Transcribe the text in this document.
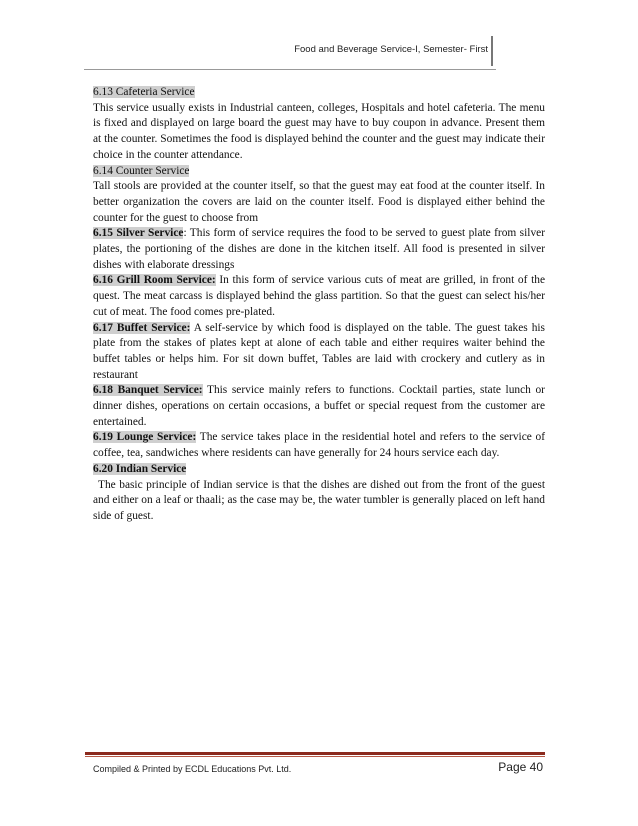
Food and Beverage Service-I, Semester- First

6.13 Cafeteria Service
This service usually exists in Industrial canteen, colleges, Hospitals and hotel cafeteria. The menu is fixed and displayed on large board the guest may have to buy coupon in advance. Present them at the counter. Sometimes the food is displayed behind the counter and the guest may indicate their choice in the counter attendance.

6.14 Counter Service
Tall stools are provided at the counter itself, so that the guest may eat food at the counter itself. In better organization the covers are laid on the counter itself. Food is displayed either behind the counter for the guest to choose from

6.15 Silver Service: This form of service requires the food to be served to guest plate from silver plates, the portioning of the dishes are done in the kitchen itself. All food is presented in silver dishes with elaborate dressings

6.16 Grill Room Service: In this form of service various cuts of meat are grilled, in front of the quest. The meat carcass is displayed behind the glass partition. So that the guest can select his/her cut of meat. The food comes pre-plated.

6.17 Buffet Service: A self-service by which food is displayed on the table. The guest takes his plate from the stakes of plates kept at alone of each table and either requires waiter behind the buffet tables or helps him. For sit down buffet, Tables are laid with crockery and cutlery as in restaurant

6.18 Banquet Service: This service mainly refers to functions. Cocktail parties, state lunch or dinner dishes, operations on certain occasions, a buffet or special request from the customer are entertained.

6.19 Lounge Service: The service takes place in the residential hotel and refers to the service of coffee, tea, sandwiches where residents can have generally for 24 hours service each day.

6.20 Indian Service

The basic principle of Indian service is that the dishes are dished out from the front of the guest and either on a leaf or thaali; as the case may be, the water tumbler is generally placed on left hand side of guest.

Compiled & Printed by ECDL Educations Pvt. Ltd.	Page 40
